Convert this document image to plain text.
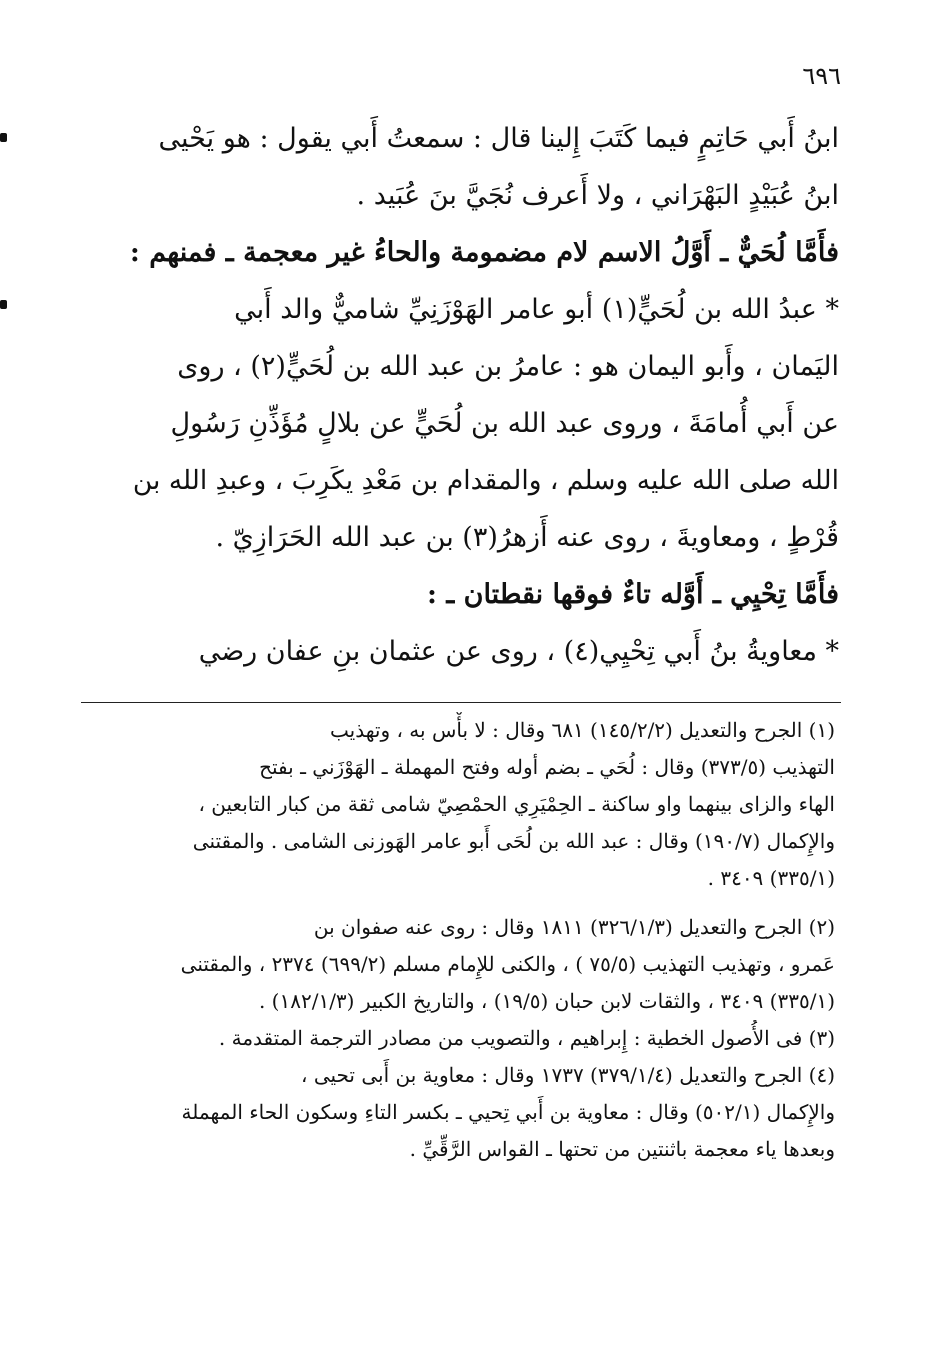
٦٩٦
ابنُ أَبي حَاتِمٍ فيما كَتَبَ إِلينا قال : سمعتُ أَبي يقول : هو يَحْيى
ابنُ عُبَيْدٍ البَهْرَاني ، ولا أَعرف نُجَيَّ بنَ عُبَيد .
فأَمَّا لُحَيٌّ ـ أَوَّلُ الاسم لام مضمومة والحاءُ غير معجمة ـ فمنهم :
* عبدُ الله بن لُحَيٍّ(١) أبو عامر الهَوْزَنِيِّ شاميٌّ والد أَبي
اليَمان ، وأَبو اليمان هو : عامرُ بن عبد الله بن لُحَيٍّ(٢) ، روى
عن أَبي أُمامَةَ ، وروى عبد الله بن لُحَيٍّ عن بلالٍ مُؤَذِّنِ رَسُولِ
الله صلى الله عليه وسلم ، والمقدام بن مَعْدِ يكَرِبَ ، وعبدِ الله بن
قُرْطٍ ، ومعاويةَ ، روى عنه أَزهرُ(٣) بن عبد الله الحَرَازِيّ .
فأَمَّا تِحْيِي ـ أَوَّله تاءٌ فوقها نقطتان ـ :
* معاويةُ بنُ أَبي تِحْيِي(٤) ، روى عن عثمان بنِ عفان رضي
(١) الجرح والتعديل (١٤٥/٢/٢) ٦٨١ وقال : لا بأْس به ، وتهذيب
التهذيب (٣٧٣/٥) وقال : لُحَي ـ بضم أوله وفتح المهملة ـ الهَوْزَني ـ بفتح
الهاء والزاى بينهما واو ساكنة ـ الحِمْيَرِي الحمْصِيّ شامى ثقة من كبار التابعين ،
والإِكمال (١٩٠/٧) وقال : عبد الله بن لُحَى أَبو عامر الهَوزنى الشامى . والمقتنى
(٣٣٥/١) ٣٤٠٩ .
(٢) الجرح والتعديل (٣٢٦/١/٣) ١٨١١ وقال : روى عنه صفوان بن
عَمرو ، وتهذيب التهذيب (٧٥/٥ ) ، والكنى للإِمام مسلم (٦٩٩/٢) ٢٣٧٤ ، والمقتنى
(٣٣٥/١) ٣٤٠٩ ، والثقات لابن حبان (١٩/٥) ، والتاريخ الكبير (١٨٢/١/٣) .
(٣) فى الأُصول الخطية : إِبراهيم ، والتصويب من مصادر الترجمة المتقدمة .
(٤) الجرح والتعديل (٣٧٩/١/٤) ١٧٣٧ وقال : معاوية بن أَبى تحيى ،
والإِكمال (٥٠٢/١) وقال : معاوية بن أَبي تِحيي ـ بكسر التاءِ وسكون الحاء المهملة
وبعدها ياء معجمة باثنتين من تحتها ـ القواس الرَّقِّيِّ .
